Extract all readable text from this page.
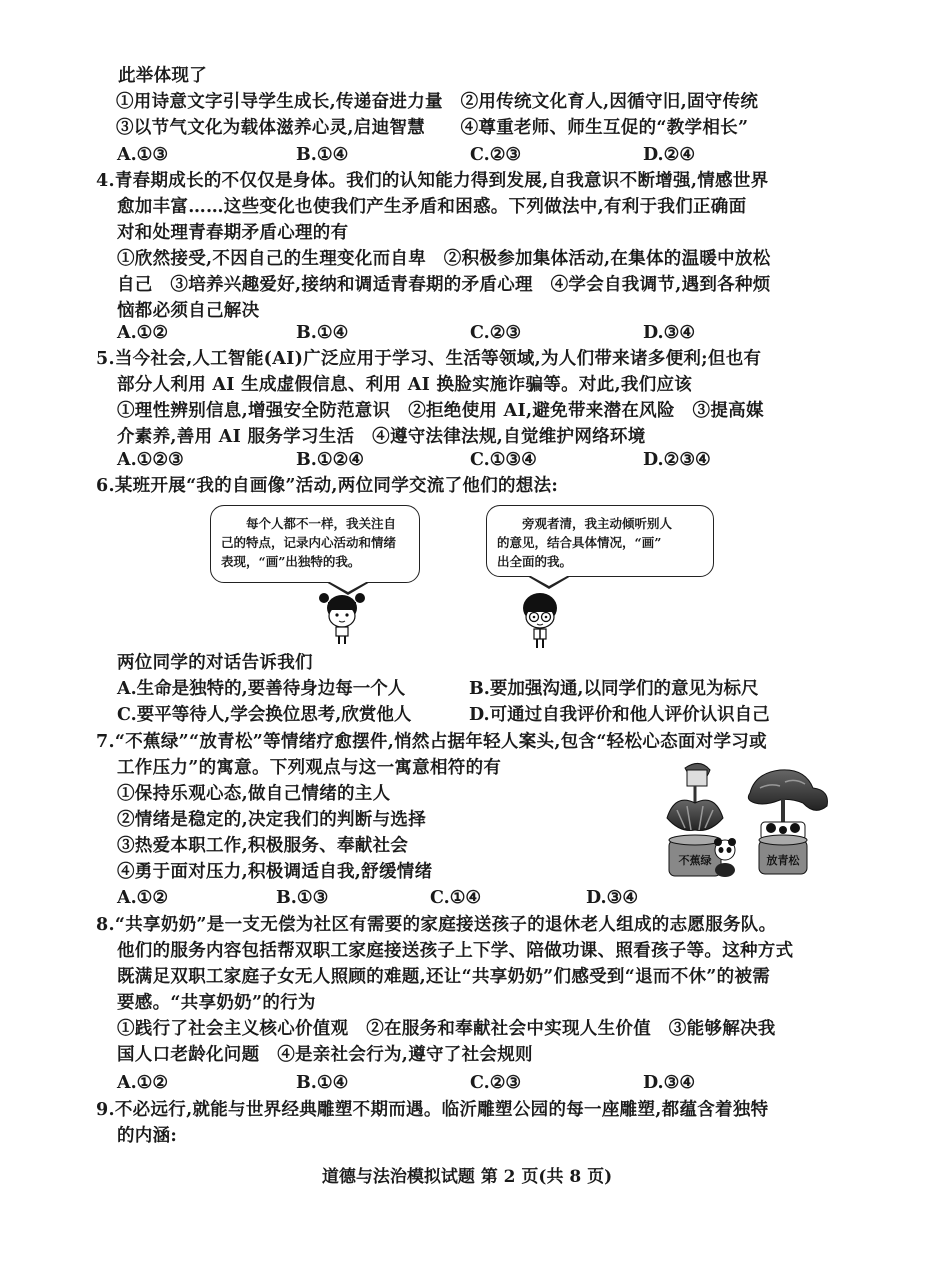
此举体现了
①用诗意文字引导学生成长,传递奋进力量　②用传统文化育人,因循守旧,固守传统
③以节气文化为载体滋养心灵,启迪智慧　　④尊重老师、师生互促的“教学相长”
A.①③	B.①④	C.②③	D.②④
4.青春期成长的不仅仅是身体。我们的认知能力得到发展,自我意识不断增强,情感世界
愈加丰富……这些变化也使我们产生矛盾和困惑。下列做法中,有利于我们正确面
对和处理青春期矛盾心理的有
①欣然接受,不因自己的生理变化而自卑　②积极参加集体活动,在集体的温暖中放松
自己　③培养兴趣爱好,接纳和调适青春期的矛盾心理　④学会自我调节,遇到各种烦
恼都必须自己解决
A.①②	B.①④	C.②③	D.③④
5.当今社会,人工智能(AI)广泛应用于学习、生活等领域,为人们带来诸多便利;但也有
部分人利用 AI 生成虚假信息、利用 AI 换脸实施诈骗等。对此,我们应该
①理性辨别信息,增强安全防范意识　②拒绝使用 AI,避免带来潜在风险　③提高媒
介素养,善用 AI 服务学习生活　④遵守法律法规,自觉维护网络环境
A.①②③	B.①②④	C.①③④	D.②③④
6.某班开展“我的自画像”活动,两位同学交流了他们的想法:
　　每个人都不一样，我关注自
己的特点，记录内心活动和情绪
表现，“画”出独特的我。
　　旁观者清，我主动倾听别人
的意见，结合具体情况，“画”
出全面的我。
两位同学的对话告诉我们
A.生命是独特的,要善待身边每一个人	B.要加强沟通,以同学们的意见为标尺
C.要平等待人,学会换位思考,欣赏他人	D.可通过自我评价和他人评价认识自己
7.“不蕉绿”“放青松”等情绪疗愈摆件,悄然占据年轻人案头,包含“轻松心态面对学习或
工作压力”的寓意。下列观点与这一寓意相符的有
①保持乐观心态,做自己情绪的主人
②情绪是稳定的,决定我们的判断与选择
③热爱本职工作,积极服务、奉献社会
④勇于面对压力,积极调适自我,舒缓情绪
A.①②	B.①③	C.①④	D.③④
不蕉绿	放青松
8.“共享奶奶”是一支无偿为社区有需要的家庭接送孩子的退休老人组成的志愿服务队。
他们的服务内容包括帮双职工家庭接送孩子上下学、陪做功课、照看孩子等。这种方式
既满足双职工家庭子女无人照顾的难题,还让“共享奶奶”们感受到“退而不休”的被需
要感。“共享奶奶”的行为
①践行了社会主义核心价值观　②在服务和奉献社会中实现人生价值　③能够解决我
国人口老龄化问题　④是亲社会行为,遵守了社会规则
A.①②	B.①④	C.②③	D.③④
9.不必远行,就能与世界经典雕塑不期而遇。临沂雕塑公园的每一座雕塑,都蕴含着独特
的内涵:
道德与法治模拟试题 第 2 页(共 8 页)
